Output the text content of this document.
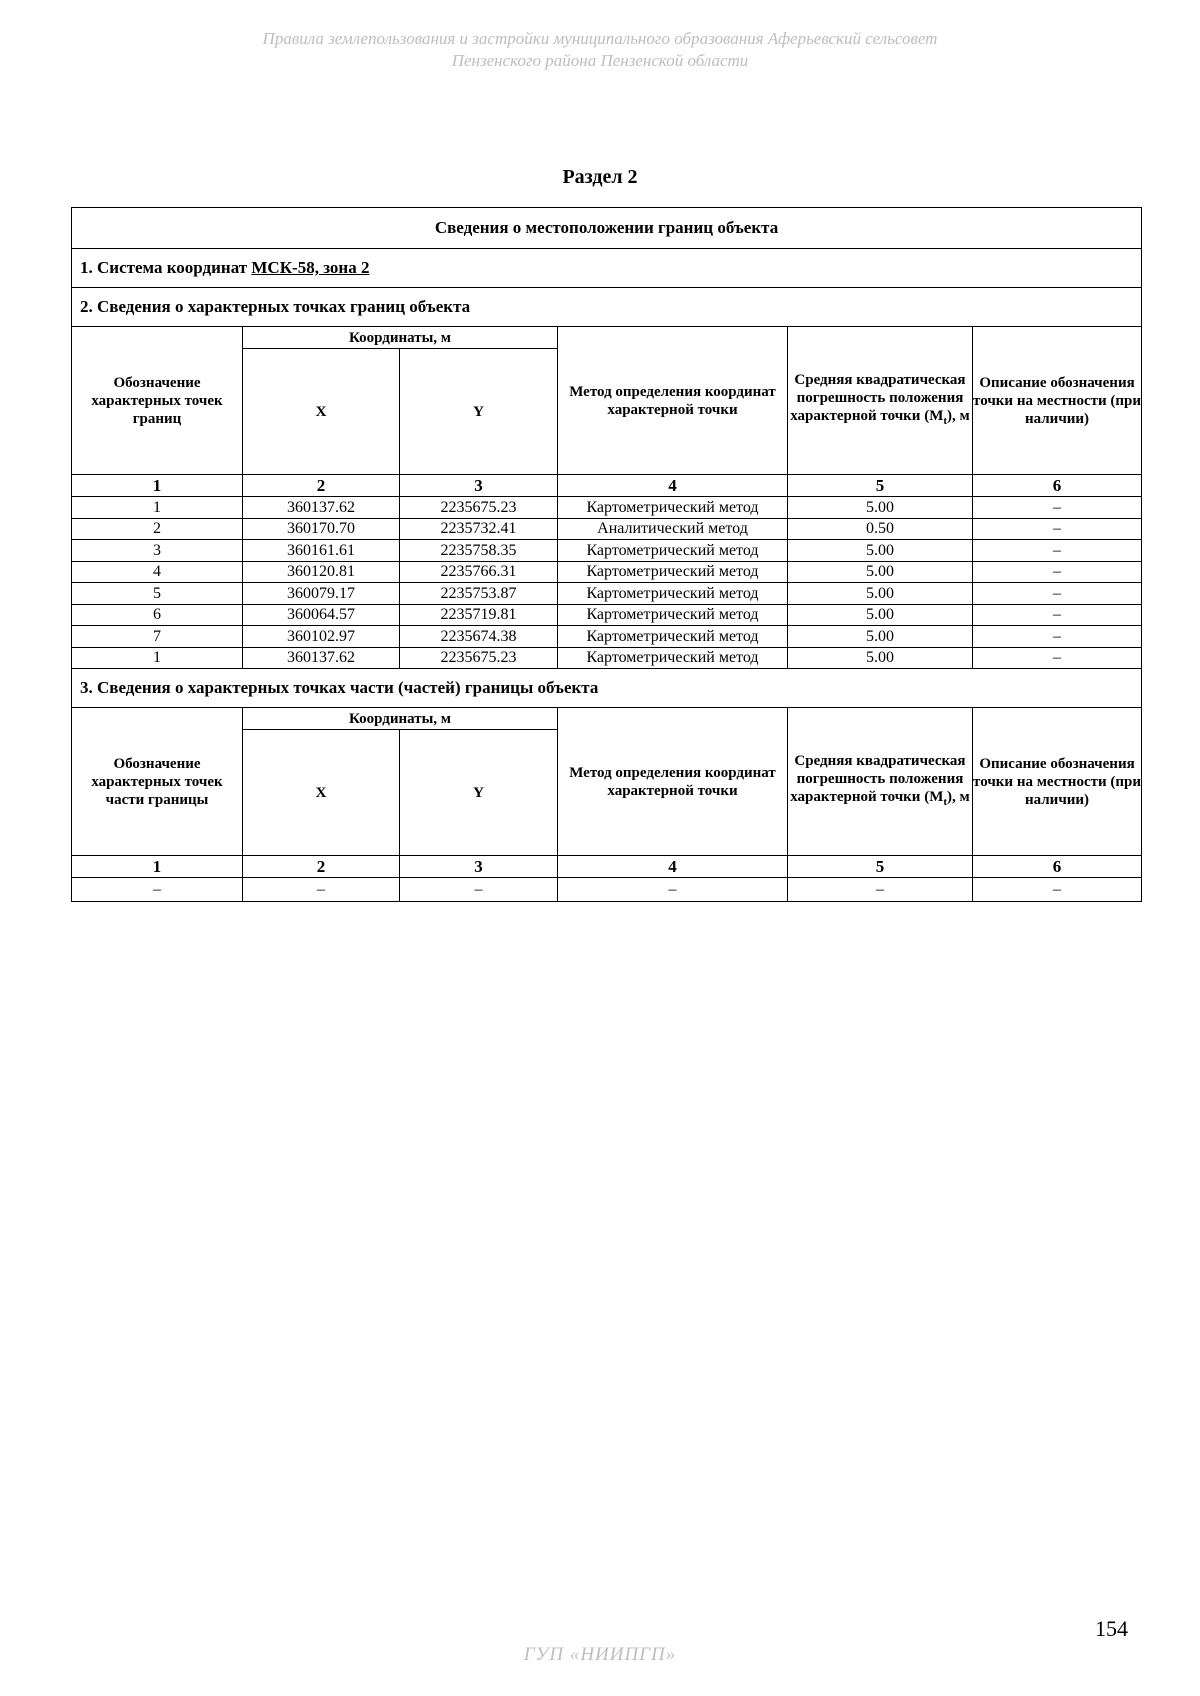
Правила землепользования и застройки муниципального образования Аферьевский сельсовет
Пензенского района Пензенской области
Раздел 2
Сведения о местоположении границ объекта					
1. Система координат МСК-58, зона 2					
2. Сведения о характерных точках границ объекта					
Обозначение характерных точек границ	Координаты, м		Метод определения координат характерной точки	Средняя квадратическая погрешность положения характерной точки $(M_t)$, м	Описание обозначения точки на местности (при наличии)
	X	Y			
1	2	3	4	5	6
1	360137.62	2235675.23	Картометрический метод	5.00	–
2	360170.70	2235732.41	Аналитический метод	0.50	–
3	360161.61	2235758.35	Картометрический метод	5.00	–
4	360120.81	2235766.31	Картометрический метод	5.00	–
5	360079.17	2235753.87	Картометрический метод	5.00	–
6	360064.57	2235719.81	Картометрический метод	5.00	–
7	360102.97	2235674.38	Картометрический метод	5.00	–
1	360137.62	2235675.23	Картометрический метод	5.00	–
3. Сведения о характерных точках части (частей) границы объекта					
Обозначение характерных точек части границы	Координаты, м		Метод определения координат характерной точки	Средняя квадратическая погрешность положения характерной точки $(M_t)$, м	Описание обозначения точки на местности (при наличии)
	X	Y			
1	2	3	4	5	6
–	–	–	–	–	–
154
ГУП «НИИПГП»
